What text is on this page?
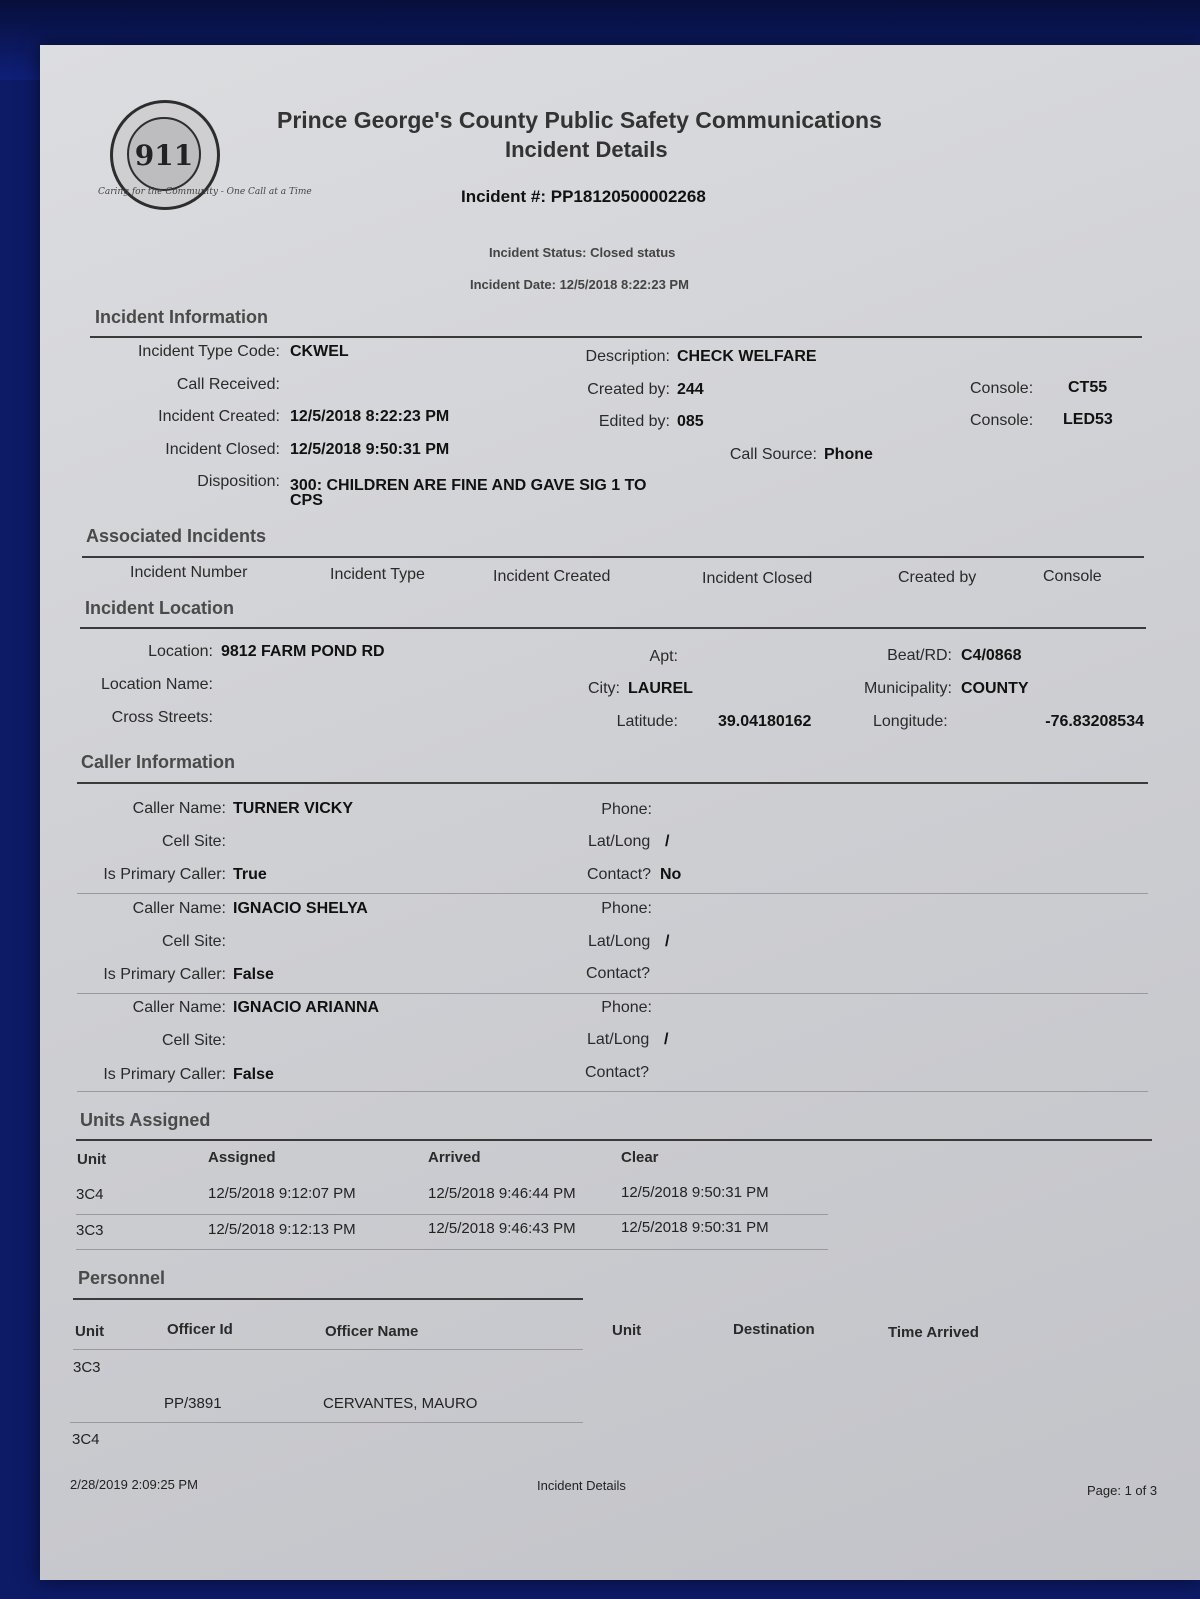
911
Caring for the Community - One Call at a Time
Prince George's County Public Safety Communications
Incident Details
Incident #: PP18120500002268
Incident Status: Closed status
Incident Date: 12/5/2018 8:22:23 PM
Incident Information
Incident Type Code: CKWEL
Call Received:
Incident Created: 12/5/2018 8:22:23 PM
Incident Closed: 12/5/2018 9:50:31 PM
Disposition: 300: CHILDREN ARE FINE AND GAVE SIG 1 TO
CPS
Description: CHECK WELFARE
Created by: 244
Edited by: 085
Call Source: Phone
Console: CT55
Console: LED53
Associated Incidents
Incident Number	Incident Type	Incident Created	Incident Closed	Created by	Console
Incident Location
Location: 9812 FARM POND RD
Location Name:
Cross Streets:
Apt:
City: LAUREL
Latitude:	39.04180162
Beat/RD: C4/0868
Municipality: COUNTY
Longitude:	-76.83208534
Caller Information
Caller Name: TURNER VICKY
Cell Site:
Is Primary Caller: True
Phone:
Lat/Long /
Contact? No
Caller Name: IGNACIO SHELYA
Cell Site:
Is Primary Caller: False
Phone:
Lat/Long /
Contact?
Caller Name: IGNACIO ARIANNA
Cell Site:
Is Primary Caller: False
Phone:
Lat/Long /
Contact?
Units Assigned
Unit	Assigned	Arrived	Clear
3C4	12/5/2018 9:12:07 PM	12/5/2018 9:46:44 PM	12/5/2018 9:50:31 PM
3C3	12/5/2018 9:12:13 PM	12/5/2018 9:46:43 PM	12/5/2018 9:50:31 PM
Personnel
Unit	Officer Id	Officer Name	Unit	Destination	Time Arrived
3C3
PP/3891	CERVANTES, MAURO
3C4
2/28/2019 2:09:25 PM	Incident Details	Page: 1 of 3
